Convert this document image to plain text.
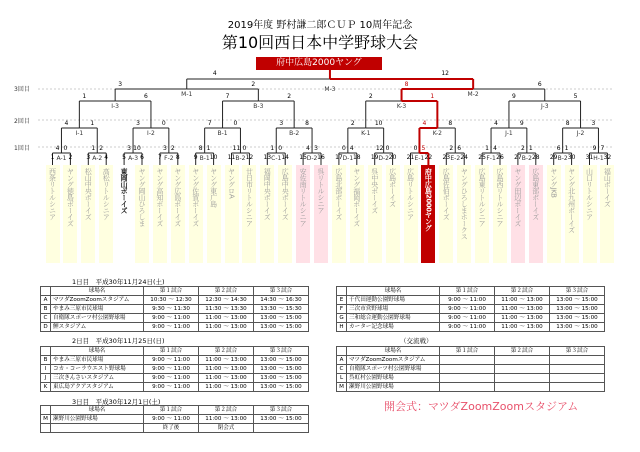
2019年度 野村謙二郎ＣＵＰ 10周年記念
第10回西日本中学野球大会
府中広島2000ヤング
3回目
2回目
1回目
A-1
4 0
A-2
1 2
A-3
3 10
F-2
3 2
B-1
8 1
B-2
11 0
C-1
1 0
D-2
4 3
D-1
0 4
D-2
12 0
E-1
0 5
E-2
2 6
F-1
1 4
B-2
2 1
B-2
6 1
H-1
9 7
I-1
4	1
I-2
3	0
B-1
7	0
B-2
3	8
K-1
2	10
K-2
4	8
J-1
4	9
J-2
8	3
I-3
1	6
B-3
7	2
K-3
2	1
J-3
9	5
M-1
3	2
M-2
8	6
M-3
4	12
西条リトルシニア
1
ヤング徳島ボーイズ
2
松山中央ボーイズ
3
高松リトルシニア
4
東岡山ボーイズ
5
ヤング岡山ひろしま
6
ヤング高知ボーイズ
7
ヤング広島ボーイズ
8
ヤング佐賀ボーイズ
9
ヤング東广島
10
ヤングロA
11
廿日市リトルシニア
12
福岡中央ボーイズ
13
広島中央ボーイズ
14
安佐南リトルシニア
15
呉リトルシニア
16
広島北部ボーイズ
17
ヤング福岡ボーイズ
18
呉中央ボーイズ
19
広島ボーイズ
20
広島リトルシニア
21
府中広島2000ヤング
22
広島佐伯ボーイズ
23
ヤングひろしまホークス
24
広島東リトルシニア
25
広島西リトルシニア
26
ヤング田辺ボーイズ
27
広島東部ボーイズ
28
ヤングJKB
29
ヤング北九州ボーイズ
30
山口リトルシニア
31
福山ボーイズ
32
1日目　平成30年11月24日(土)
	球場名	第１試合	第２試合	第３試合
A	マツダZoomZoomスタジアム	10:30 ～ 12:30	12:30 ～ 14:30	14:30 ～ 16:30
B	やまみ三原市民球場	9:30 ～ 11:30	11:30 ～ 13:30	13:30 ～ 15:30
C	自衛隊スポーツ村公園野球場	9:00 ～ 11:00	11:00 ～ 13:00	13:00 ～ 15:00
D	鯉スタジアム	9:00 ～ 11:00	11:00 ～ 13:00	13:00 ～ 15:00
2日目　平成30年11月25日(日)
	球場名	第１試合	第２試合	第３試合
B	やまみ三原市民球場	9:00 ～ 11:00	11:00 ～ 13:00	13:00 ～ 15:00
I	コカ・コーラウエスト野球場	9:00 ～ 11:00	11:00 ～ 13:00	13:00 ～ 15:00
J	三次きんさいスタジアム	9:00 ～ 11:00	11:00 ～ 13:00	13:00 ～ 15:00
K	東広島アクアスタジアム	9:00 ～ 11:00	11:00 ～ 13:00	13:00 ～ 15:00
3日目　平成30年12月1日(土)
	球場名	第１試合	第２試合	第３試合
M	瀬野川公園野球場	9:00 ～ 11:00	11:00 ～ 13:00	13:00 ～ 15:00
		終了後	閉会式	
	球場名	第１試合	第２試合	第３試合
E	千代田運動公園野球場	9:00 ～ 11:00	11:00 ～ 13:00	13:00 ～ 15:00
F	三次市営野球場	9:00 ～ 11:00	11:00 ～ 13:00	13:00 ～ 15:00
G	三和総合運動公園野球場	9:00 ～ 11:00	11:00 ～ 13:00	13:00 ～ 15:00
H	カーター記念球場	9:00 ～ 11:00	11:00 ～ 13:00	13:00 ～ 15:00
（交流戦）
	球場名	第１試合	第２試合	第３試合
A	マツダZoomZoomスタジアム			
C	自衛隊スポーツ村公園野球場			
L	呉虹村公園野球場			
M	瀬野川公園野球場			
開会式：マツダZoomZoomスタジアム
